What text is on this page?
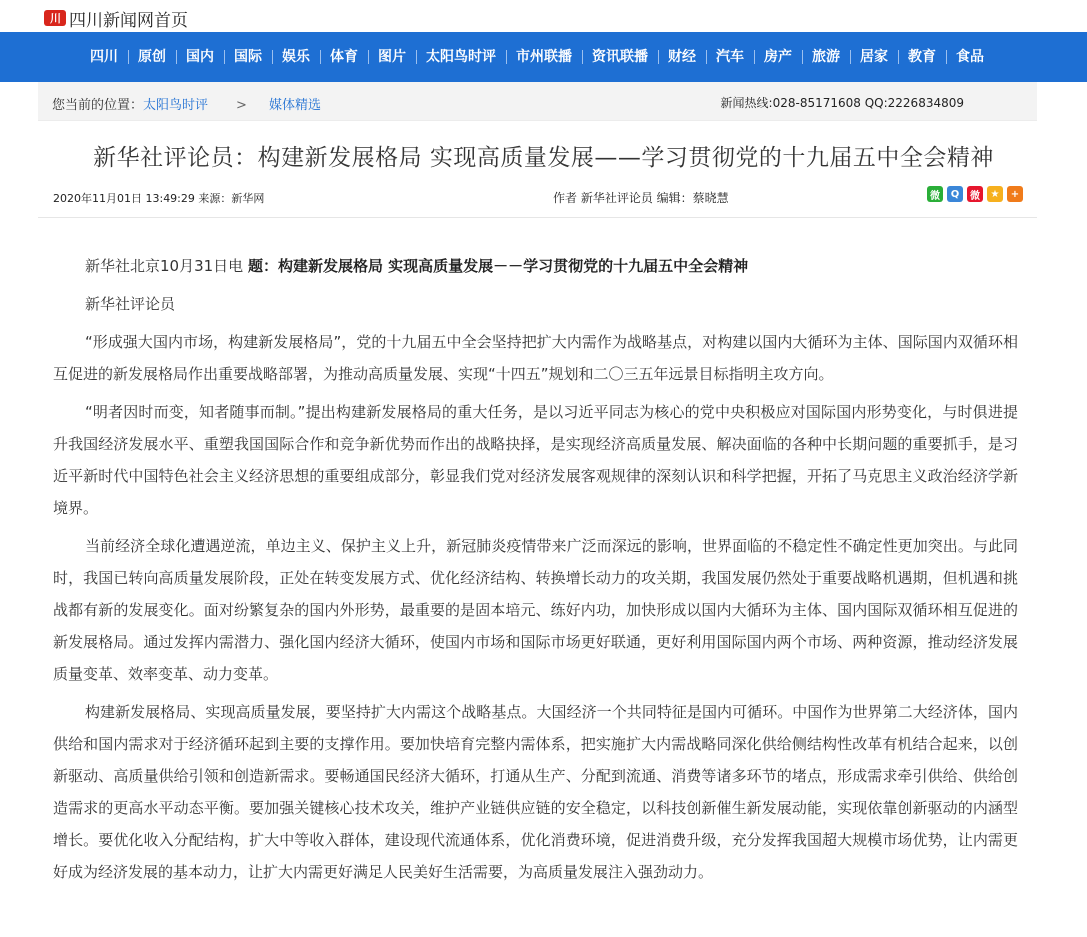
川 四川新闻网首页
四川	原创	国内	国际	娱乐	体育	图片	太阳鸟时评	市州联播	资讯联播	财经	汽车	房产	旅游	居家	教育	食品
您当前的位置：太阳鸟时评 > 媒体精选	新闻热线:028-85171608 QQ:2226834809
新华社评论员：构建新发展格局 实现高质量发展——学习贯彻党的十九届五中全会精神
2020年11月01日 13:49:29 来源：新华网	作者 新华社评论员 编辑：蔡晓慧	微	Q	微	★	+

新华社北京10月31日电 题：构建新发展格局 实现高质量发展－－学习贯彻党的十九届五中全会精神

新华社评论员

“形成强大国内市场，构建新发展格局”，党的十九届五中全会坚持把扩大内需作为战略基点，对构建以国内大循环为主体、国际国内双循环相互促进的新发展格局作出重要战略部署，为推动高质量发展、实现“十四五”规划和二〇三五年远景目标指明主攻方向。

“明者因时而变，知者随事而制。”提出构建新发展格局的重大任务，是以习近平同志为核心的党中央积极应对国际国内形势变化，与时俱进提升我国经济发展水平、重塑我国国际合作和竞争新优势而作出的战略抉择，是实现经济高质量发展、解决面临的各种中长期问题的重要抓手，是习近平新时代中国特色社会主义经济思想的重要组成部分，彰显我们党对经济发展客观规律的深刻认识和科学把握，开拓了马克思主义政治经济学新境界。

当前经济全球化遭遇逆流，单边主义、保护主义上升，新冠肺炎疫情带来广泛而深远的影响，世界面临的不稳定性不确定性更加突出。与此同时，我国已转向高质量发展阶段，正处在转变发展方式、优化经济结构、转换增长动力的攻关期，我国发展仍然处于重要战略机遇期，但机遇和挑战都有新的发展变化。面对纷繁复杂的国内外形势，最重要的是固本培元、练好内功，加快形成以国内大循环为主体、国内国际双循环相互促进的新发展格局。通过发挥内需潜力、强化国内经济大循环，使国内市场和国际市场更好联通，更好利用国际国内两个市场、两种资源，推动经济发展质量变革、效率变革、动力变革。

构建新发展格局、实现高质量发展，要坚持扩大内需这个战略基点。大国经济一个共同特征是国内可循环。中国作为世界第二大经济体，国内供给和国内需求对于经济循环起到主要的支撑作用。要加快培育完整内需体系，把实施扩大内需战略同深化供给侧结构性改革有机结合起来，以创新驱动、高质量供给引领和创造新需求。要畅通国民经济大循环，打通从生产、分配到流通、消费等诸多环节的堵点，形成需求牵引供给、供给创造需求的更高水平动态平衡。要加强关键核心技术攻关，维护产业链供应链的安全稳定，以科技创新催生新发展动能，实现依靠创新驱动的内涵型增长。要优化收入分配结构，扩大中等收入群体，建设现代流通体系，优化消费环境，促进消费升级，充分发挥我国超大规模市场优势，让内需更好成为经济发展的基本动力，让扩大内需更好满足人民美好生活需要，为高质量发展注入强劲动力。
